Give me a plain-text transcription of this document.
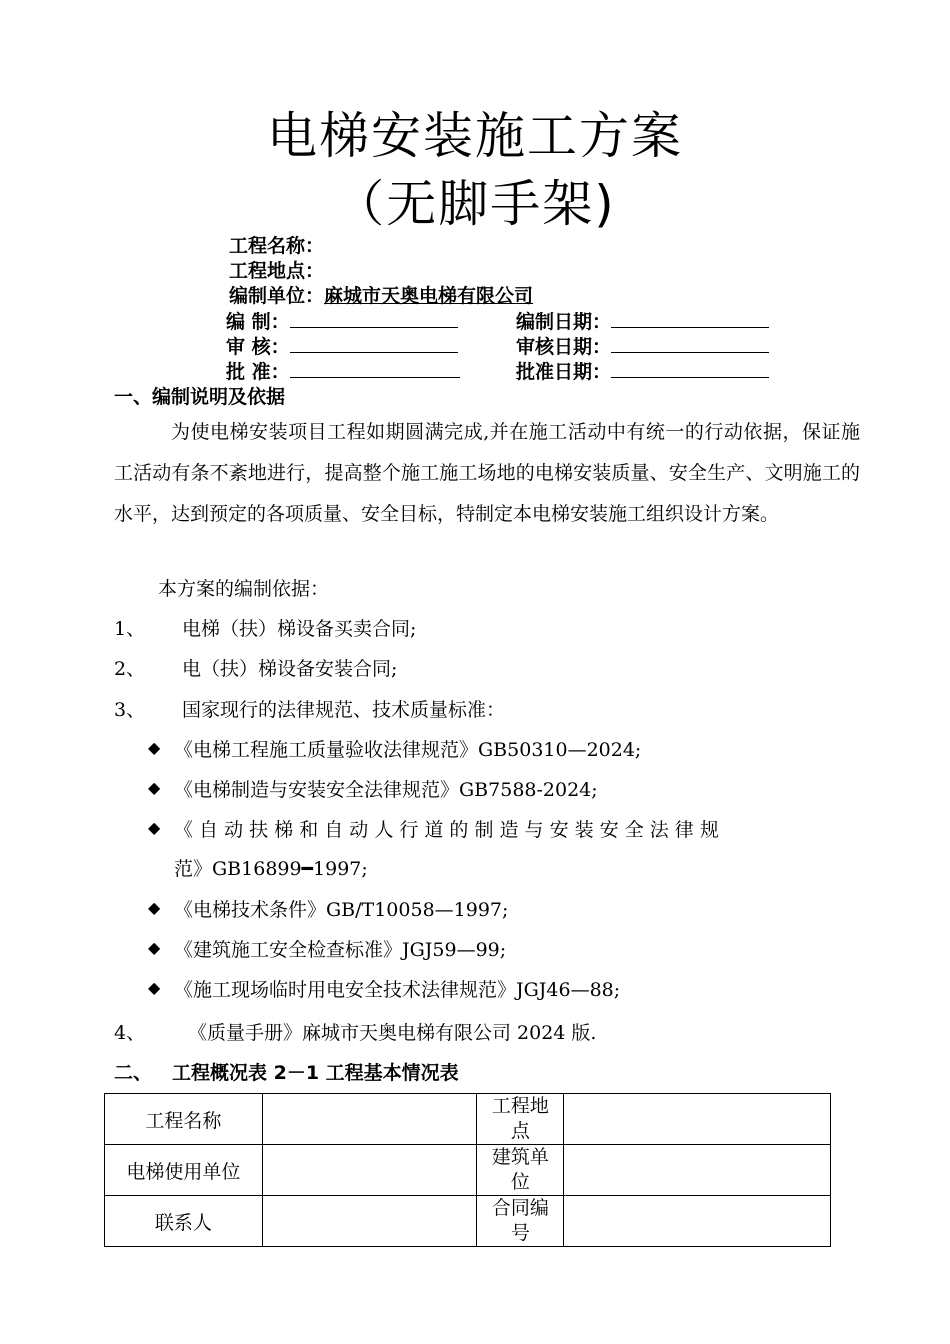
电梯安装施工方案
（无脚手架)
工程名称：
工程地点：
编制单位：麻城市天奥电梯有限公司
编 制：	编制日期：
审 核：	审核日期：
批 准：	批准日期：
一、编制说明及依据
为使电梯安装项目工程如期圆满完成,并在施工活动中有统一的行动依据，保证施工活动有条不紊地进行，提高整个施工施工场地的电梯安装质量、安全生产、文明施工的水平，达到预定的各项质量、安全目标，特制定本电梯安装施工组织设计方案。
本方案的编制依据：
1、 电梯（扶）梯设备买卖合同;
2、 电（扶）梯设备安装合同;
3、 国家现行的法律规范、技术质量标准：
◆ 《电梯工程施工质量验收法律规范》GB50310—2024;
◆ 《电梯制造与安装安全法律规范》GB7588-2024;
◆ 《 自 动 扶 梯 和 自 动 人 行 道 的 制 造 与 安 装 安 全 法 律 规
范》GB16899━1997;
◆ 《电梯技术条件》GB/T10058—1997;
◆ 《建筑施工安全检查标准》JGJ59—99;
◆ 《施工现场临时用电安全技术法律规范》JGJ46—88;
4、 《质量手册》麻城市天奥电梯有限公司 2024 版.
二、 工程概况表 2－1 工程基本情况表
工程名称		工程地点	
电梯使用单位		建筑单位	
联系人		合同编号	
